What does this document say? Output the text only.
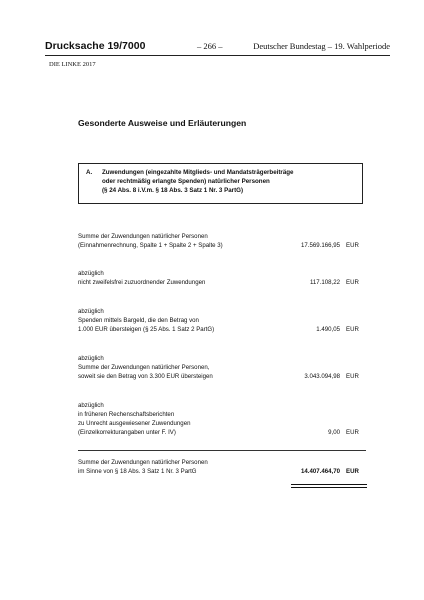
Drucksache 19/7000	– 266 –	Deutscher Bundestag – 19. Wahlperiode
DIE LINKE 2017
Gesonderte Ausweise und Erläuterungen
A. Zuwendungen (eingezahlte Mitglieds- und Mandatsträgerbeiträge
oder rechtmäßig erlangte Spenden) natürlicher Personen
(§ 24 Abs. 8 i.V.m. § 18 Abs. 3 Satz 1 Nr. 3 PartG)
Summe der Zuwendungen natürlicher Personen
(Einnahmenrechnung, Spalte 1 + Spalte 2 + Spalte 3)	17.569.166,95 EUR
abzüglich
nicht zweifelsfrei zuzuordnender Zuwendungen	117.108,22 EUR
abzüglich
Spenden mittels Bargeld, die den Betrag von
1.000 EUR übersteigen (§ 25 Abs. 1 Satz 2 PartG)	1.490,05 EUR
abzüglich
Summe der Zuwendungen natürlicher Personen,
soweit sie den Betrag von 3.300 EUR übersteigen	3.043.094,98 EUR
abzüglich
in früheren Rechenschaftsberichten
zu Unrecht ausgewiesener Zuwendungen
(Einzelkorrekturangaben unter F. IV)	9,00 EUR
Summe der Zuwendungen natürlicher Personen
im Sinne von § 18 Abs. 3 Satz 1 Nr. 3 PartG	14.407.464,70 EUR
